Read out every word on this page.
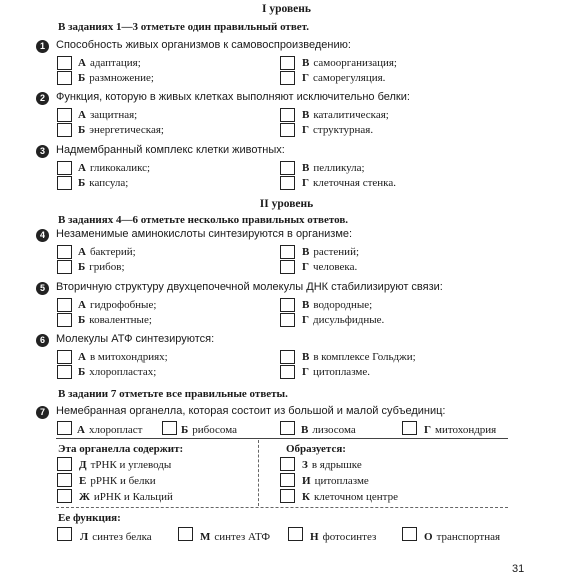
I уровень
В заданиях 1—3 отметьте один правильный ответ.
1	Способность живых организмов к самовоспроизведению:
А адаптация;	В самоорганизация;
Б размножение;	Г саморегуляция.
2	Функция, которую в живых клетках выполняют исключительно белки:
А защитная;	В каталитическая;
Б энергетическая;	Г структурная.
3	Надмембранный комплекс клетки животных:
А гликокаликс;	В пелликула;
Б капсула;	Г клеточная стенка.
II уровень
В заданиях 4—6 отметьте несколько правильных ответов.
4	Незаменимые аминокислоты синтезируются в организме:
А бактерий;	В растений;
Б грибов;	Г человека.
5	Вторичную структуру двухцепочечной молекулы ДНК стабилизируют связи:
А гидрофобные;	В водородные;
Б ковалентные;	Г дисульфидные.
6	Молекулы АТФ синтезируются:
А в митохондриях;	В в комплексе Гольджи;
Б хлоропластах;	Г цитоплазме.
В задании 7 отметьте все правильные ответы.
7	Немебранная органелла, которая состоит из большой и малой субъединиц:
А хлоропласт	Б рибосома	В лизосома	Г митохондрия
Эта органелла содержит:
Д тРНК и углеводы
Е рРНК и белки
Ж иРНК и Кальций
Образуется:
З в ядрышке
И цитоплазме
К клеточном центре
Ее функция:
Л синтез белка	М синтез АТФ	Н фотосинтез	О транспортная
31
